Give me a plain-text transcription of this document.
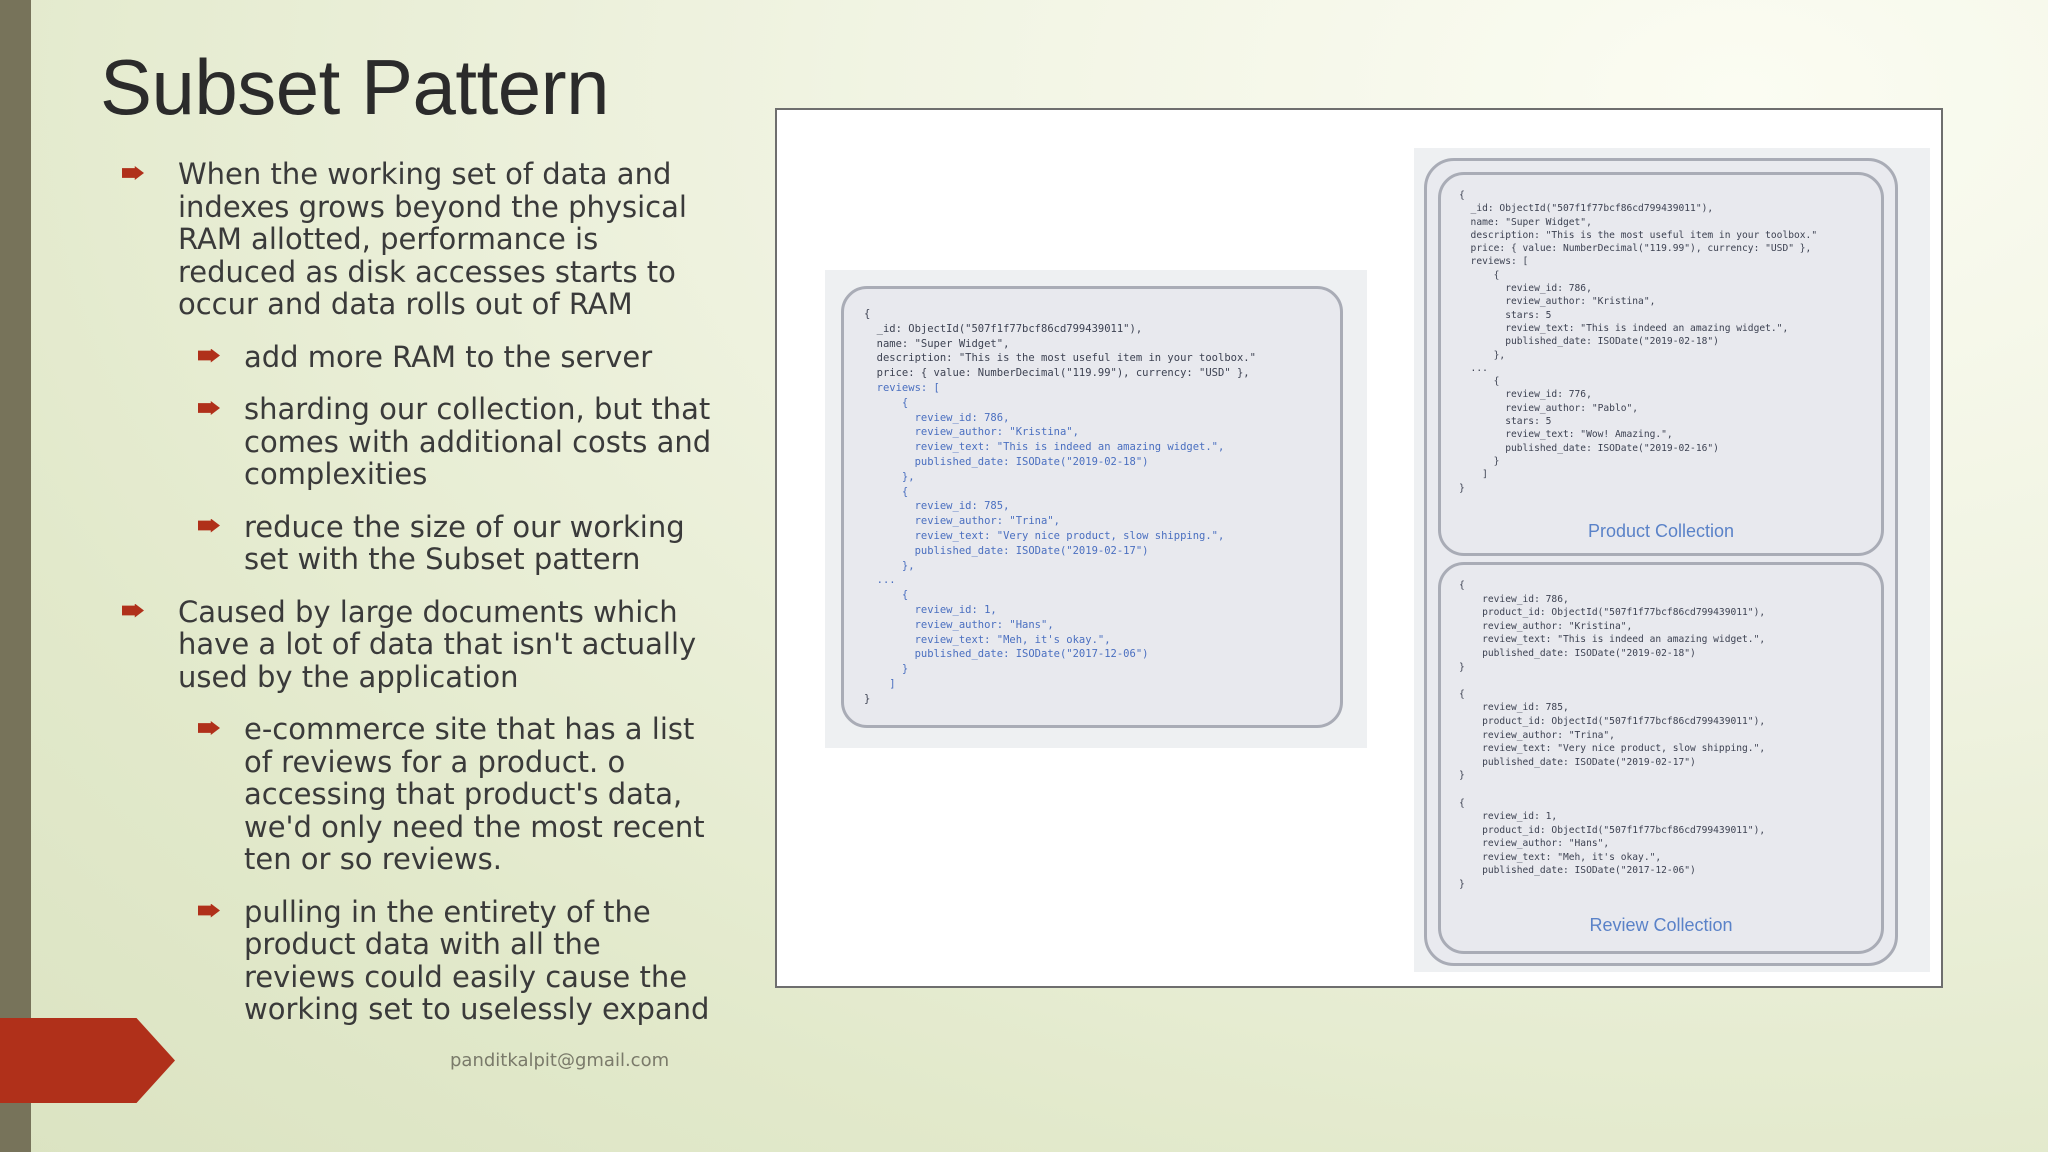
Subset Pattern
When the working set of data and indexes grows beyond the physical RAM allotted, performance is reduced as disk accesses starts to occur and data rolls out of RAM
add more RAM to the server
sharding our collection, but that comes with additional costs and complexities
reduce the size of our working set with the Subset pattern
Caused by large documents which have a lot of data that isn't actually used by the application
e-commerce site that has a list of reviews for a product. o accessing that product's data, we'd only need the most recent ten or so reviews.
pulling in the entirety of the product data with all the reviews could easily cause the working set to uselessly expand
panditkalpit@gmail.com
{
_id: ObjectId("507f1f77bcf86cd799439011"),
name: "Super Widget",
description: "This is the most useful item in your toolbox."
price: { value: NumberDecimal("119.99"), currency: "USD" },
reviews: [
{
review_id: 786,
review_author: "Kristina",
review_text: "This is indeed an amazing widget.",
published_date: ISODate("2019-02-18")
},
{
review_id: 785,
review_author: "Trina",
review_text: "Very nice product, slow shipping.",
published_date: ISODate("2019-02-17")
},
...
{
review_id: 1,
review_author: "Hans",
review_text: "Meh, it's okay.",
published_date: ISODate("2017-12-06")
}
]
}
{
_id: ObjectId("507f1f77bcf86cd799439011"),
name: "Super Widget",
description: "This is the most useful item in your toolbox."
price: { value: NumberDecimal("119.99"), currency: "USD" },
reviews: [
{
review_id: 786,
review_author: "Kristina",
stars: 5
review_text: "This is indeed an amazing widget.",
published_date: ISODate("2019-02-18")
},
...
{
review_id: 776,
review_author: "Pablo",
stars: 5
review_text: "Wow! Amazing.",
published_date: ISODate("2019-02-16")
}
]
}
Product Collection
{
review_id: 786,
product_id: ObjectId("507f1f77bcf86cd799439011"),
review_author: "Kristina",
review_text: "This is indeed an amazing widget.",
published_date: ISODate("2019-02-18")
}

{
review_id: 785,
product_id: ObjectId("507f1f77bcf86cd799439011"),
review_author: "Trina",
review_text: "Very nice product, slow shipping.",
published_date: ISODate("2019-02-17")
}

{
review_id: 1,
product_id: ObjectId("507f1f77bcf86cd799439011"),
review_author: "Hans",
review_text: "Meh, it's okay.",
published_date: ISODate("2017-12-06")
}
Review Collection
